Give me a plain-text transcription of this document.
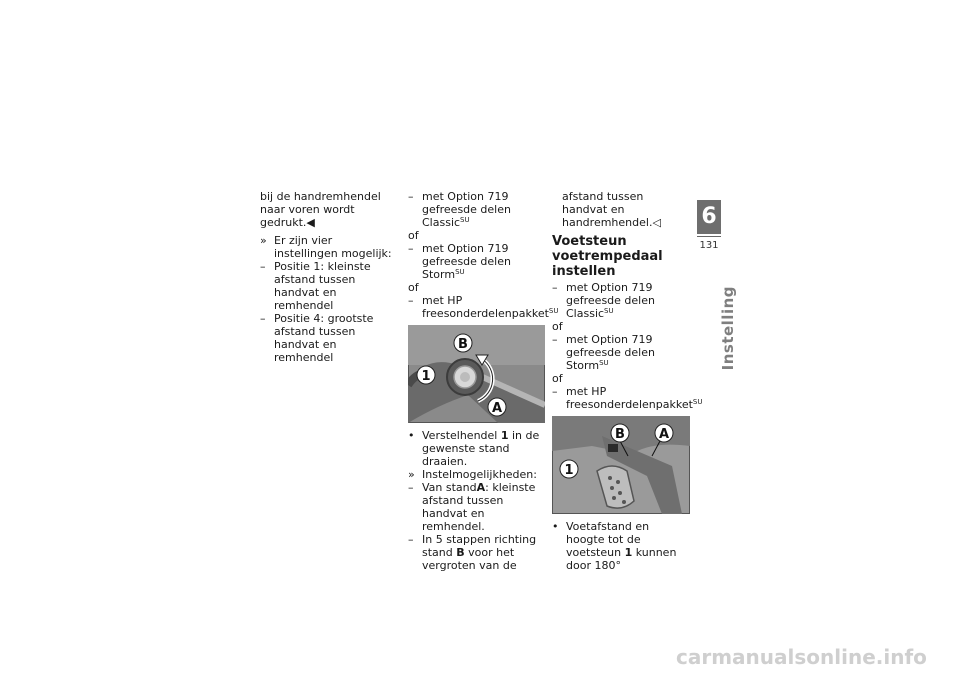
bij de handremhendel naar voren wordt gedrukt.◀

» Er zijn vier instellingen mogelijk:

– Positie 1: kleinste afstand tussen handvat en remhendel

– Positie 4: grootste afstand tussen handvat en remhendel

– met Option 719 gefreesde delen Classic$^{SU}$

of

– met Option 719 gefreesde delen Storm$^{SU}$

of

– met HP freesonderdelenpakket$^{SU}$

B
1
A

• Verstelhendel 1 in de gewenste stand draaien.

» Instelmogelijkheden:

– Van standA: kleinste afstand tussen handvat en remhendel.

– In 5 stappen richting stand B voor het vergroten van de

afstand tussen handvat en handremhendel.◁

Voetsteun voetrempedaal instellen

– met Option 719 gefreesde delen Classic$^{SU}$

of

– met Option 719 gefreesde delen Storm$^{SU}$

of

– met HP freesonderdelenpakket$^{SU}$

B	A
1

• Voetafstand en hoogte tot de voetsteun 1 kunnen door 180°

6
131
Instelling
carmanualsonline.info
